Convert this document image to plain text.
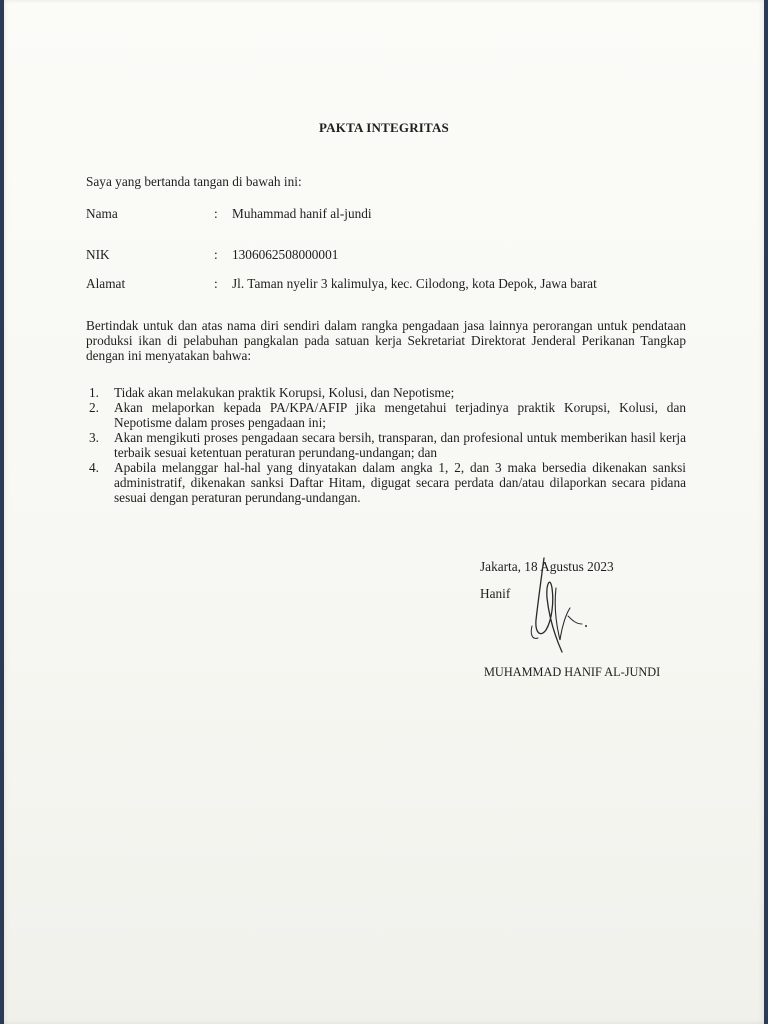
PAKTA INTEGRITAS
Saya yang bertanda tangan di bawah ini:
Nama	: Muhammad hanif al-jundi
NIK	: 1306062508000001
Alamat	: Jl. Taman nyelir 3 kalimulya, kec. Cilodong, kota Depok, Jawa barat
Bertindak untuk dan atas nama diri sendiri dalam rangka pengadaan jasa lainnya perorangan untuk pendataan produksi ikan di pelabuhan pangkalan pada satuan kerja Sekretariat Direktorat Jenderal Perikanan Tangkap dengan ini menyatakan bahwa:
1. Tidak akan melakukan praktik Korupsi, Kolusi, dan Nepotisme;
2. Akan melaporkan kepada PA/KPA/AFIP jika mengetahui terjadinya praktik Korupsi, Kolusi, dan Nepotisme dalam proses pengadaan ini;
3. Akan mengikuti proses pengadaan secara bersih, transparan, dan profesional untuk memberikan hasil kerja terbaik sesuai ketentuan peraturan perundang-undangan; dan
4. Apabila melanggar hal-hal yang dinyatakan dalam angka 1, 2, dan 3 maka bersedia dikenakan sanksi administratif, dikenakan sanksi Daftar Hitam, digugat secara perdata dan/atau dilaporkan secara pidana sesuai dengan peraturan perundang-undangan.
Jakarta, 18 Agustus 2023
Hanif
MUHAMMAD HANIF AL-JUNDI
